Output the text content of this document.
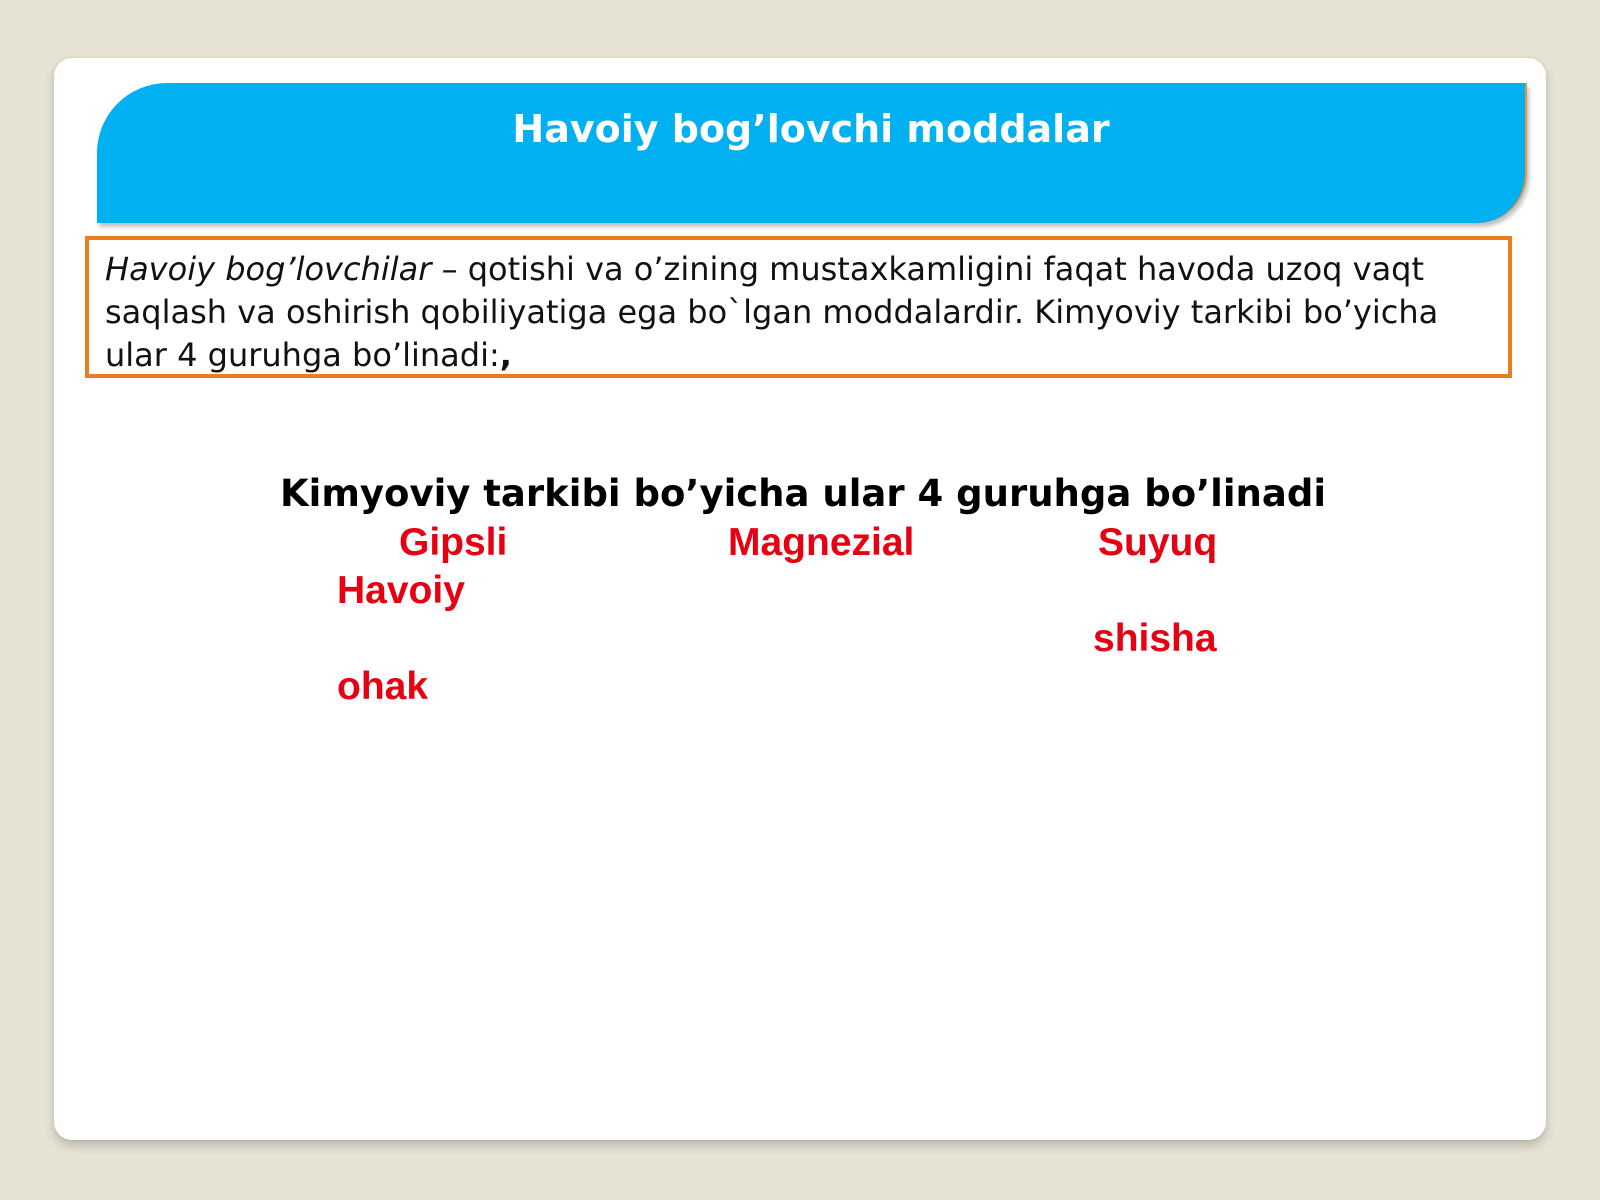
Havoiy bog’lovchi moddalar
Havoiy bog’lovchilar – qotishi va o’zining mustaxkamligini faqat havoda uzoq vaqt saqlash va oshirish qobiliyatiga ega bo`lgan moddalardir. Kimyoviy tarkibi bo’yicha ular 4 guruhga bo’linadi:,
Kimyoviy tarkibi bo’yicha ular 4 guruhga bo’linadi
Gipsli	Magnezial	Suyuq
Havoiy
shisha
ohak
